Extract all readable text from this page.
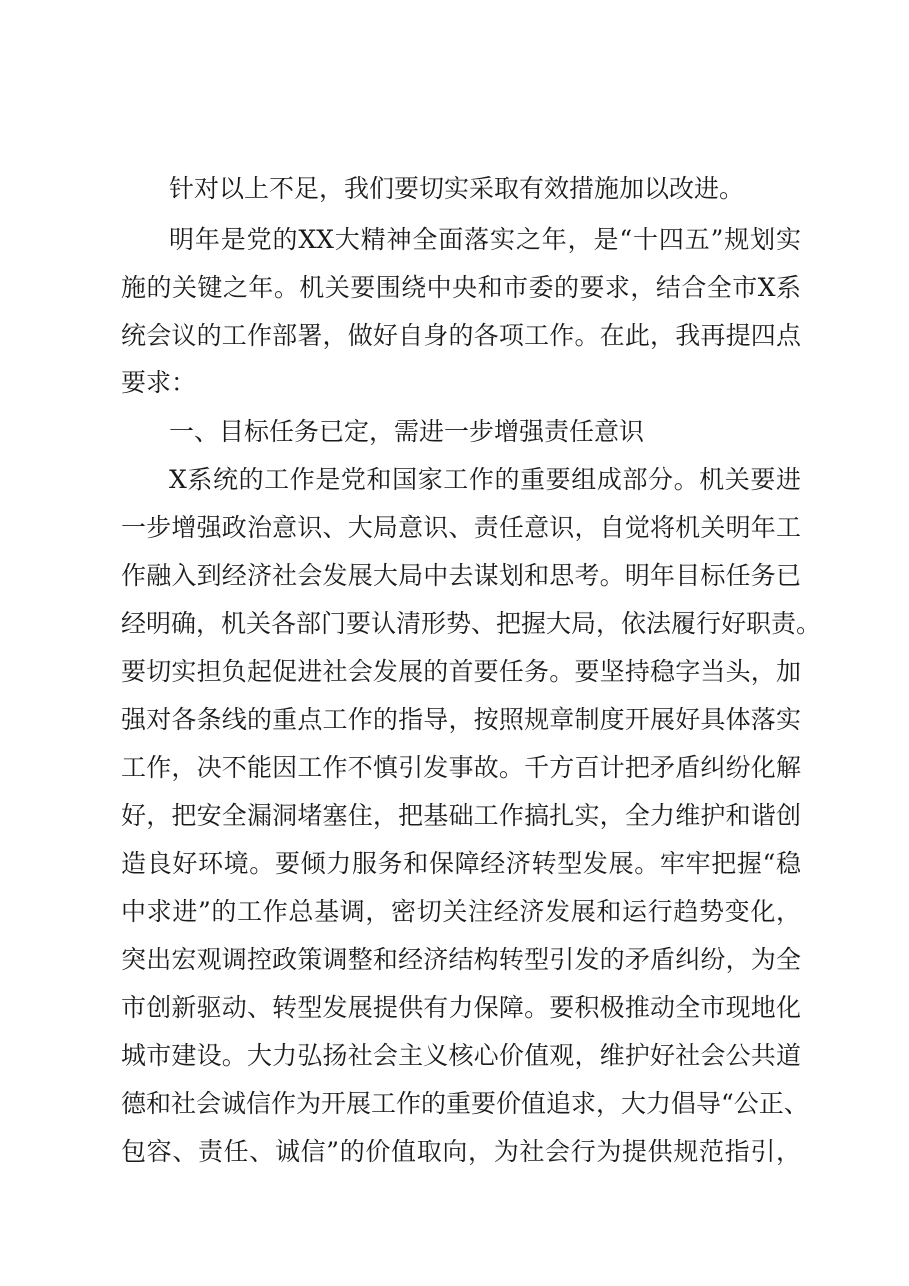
针对以上不足，我们要切实采取有效措施加以改进。
明年是党的XX大精神全面落实之年，是“十四五”规划实
施的关键之年。机关要围绕中央和市委的要求，结合全市X系
统会议的工作部署，做好自身的各项工作。在此，我再提四点
要求：
一、目标任务已定，需进一步增强责任意识
X系统的工作是党和国家工作的重要组成部分。机关要进
一步增强政治意识、大局意识、责任意识，自觉将机关明年工
作融入到经济社会发展大局中去谋划和思考。明年目标任务已
经明确，机关各部门要认清形势、把握大局，依法履行好职责。
要切实担负起促进社会发展的首要任务。要坚持稳字当头，加
强对各条线的重点工作的指导，按照规章制度开展好具体落实
工作，决不能因工作不慎引发事故。千方百计把矛盾纠纷化解
好，把安全漏洞堵塞住，把基础工作搞扎实，全力维护和谐创
造良好环境。要倾力服务和保障经济转型发展。牢牢把握“稳
中求进”的工作总基调，密切关注经济发展和运行趋势变化，
突出宏观调控政策调整和经济结构转型引发的矛盾纠纷，为全
市创新驱动、转型发展提供有力保障。要积极推动全市现地化
城市建设。大力弘扬社会主义核心价值观，维护好社会公共道
德和社会诚信作为开展工作的重要价值追求，大力倡导“公正、
包容、责任、诚信”的价值取向，为社会行为提供规范指引，
